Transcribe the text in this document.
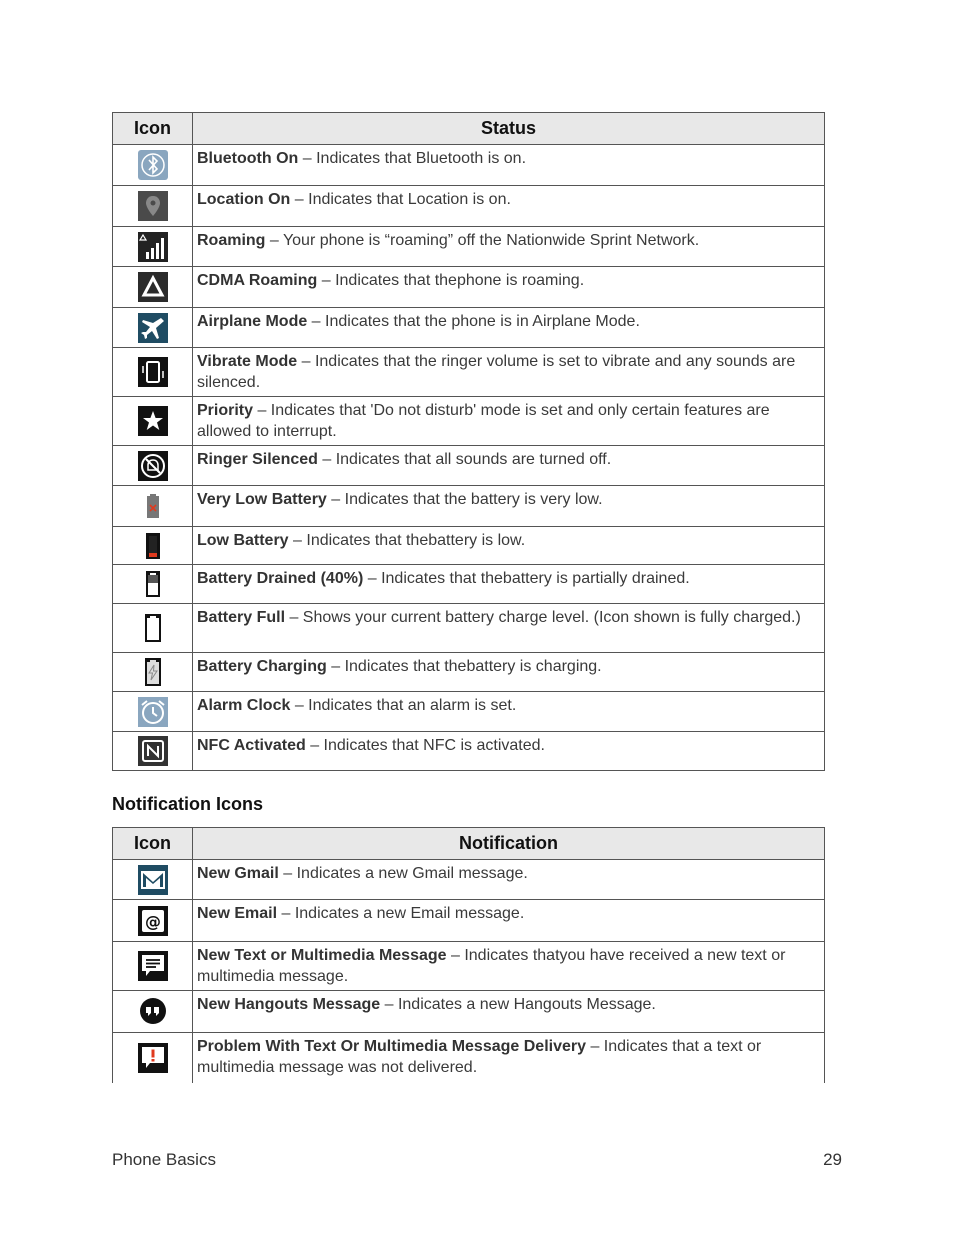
Icon	Status

	Bluetooth On – Indicates that Bluetooth is on.

	Location On – Indicates that Location is on.

	Roaming – Your phone is “roaming” off the Nationwide Sprint Network.

	CDMA Roaming – Indicates that thephone is roaming.

	Airplane Mode – Indicates that the phone is in Airplane Mode.

	Vibrate Mode – Indicates that the ringer volume is set to vibrate and any sounds are silenced.

	Priority – Indicates that 'Do not disturb' mode is set and only certain features are allowed to interrupt.

	Ringer Silenced – Indicates that all sounds are turned off.

	Very Low Battery – Indicates that the battery is very low.

	Low Battery – Indicates that thebattery is low.

	Battery Drained (40%) – Indicates that thebattery is partially drained.

	Battery Full – Shows your current battery charge level. (Icon shown is fully charged.)

	Battery Charging – Indicates that thebattery is charging.

	Alarm Clock – Indicates that an alarm is set.

	NFC Activated – Indicates that NFC is activated.
Notification Icons
Icon	Notification

	New Gmail – Indicates a new Gmail message.

@	New Email – Indicates a new Email message.

	New Text or Multimedia Message – Indicates thatyou have received a new text or multimedia message.

	New Hangouts Message – Indicates a new Hangouts Message.

	Problem With Text Or Multimedia Message Delivery – Indicates that a text or multimedia message was not delivered.
Phone Basics	29
